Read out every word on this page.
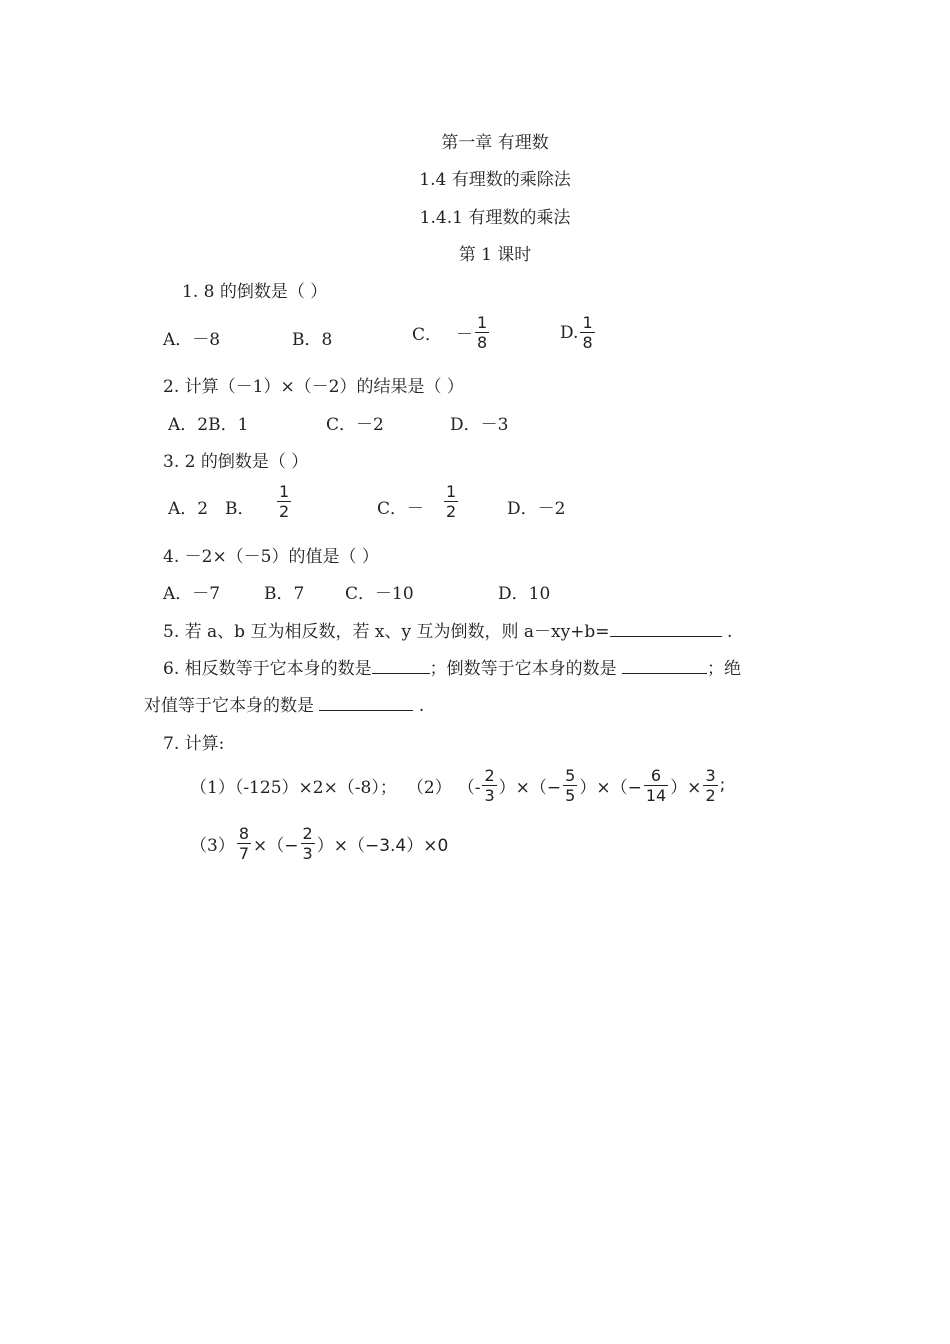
第一章 有理数
1.4 有理数的乘除法
1.4.1 有理数的乘法
第 1 课时
1. 8 的倒数是（ ）
A．－8	B．8	C． － $\frac{1}{8}$	D. $\frac{1}{8}$
2. 计算（－1）×（－2）的结果是（ ）
A．2B．1	C．－2	D．－3
3. 2 的倒数是（ ）
A．2 B． $\frac{1}{2}$	C．－ $\frac{1}{2}$	D．－2
4. －2×（－5）的值是（ ）
A．－7	B．7 C．－10	D．10
5. 若 a、b 互为相反数，若 x、y 互为倒数，则 a－xy+b=	.
6. 相反数等于它本身的数是	；倒数等于它本身的数是	；绝
对值等于它本身的数是	.
7. 计算:
（1）（-125）×2×（-8）； （2） （- $\frac{2}{3}$ ）×（− $\frac{5}{5}$ ）×（− $\frac{6}{14}$ ）× $\frac{3}{2}$ ;
$(3) \frac{8}{7}$ ×（− $\frac{2}{3} )\times(-3.4)\times 0$
